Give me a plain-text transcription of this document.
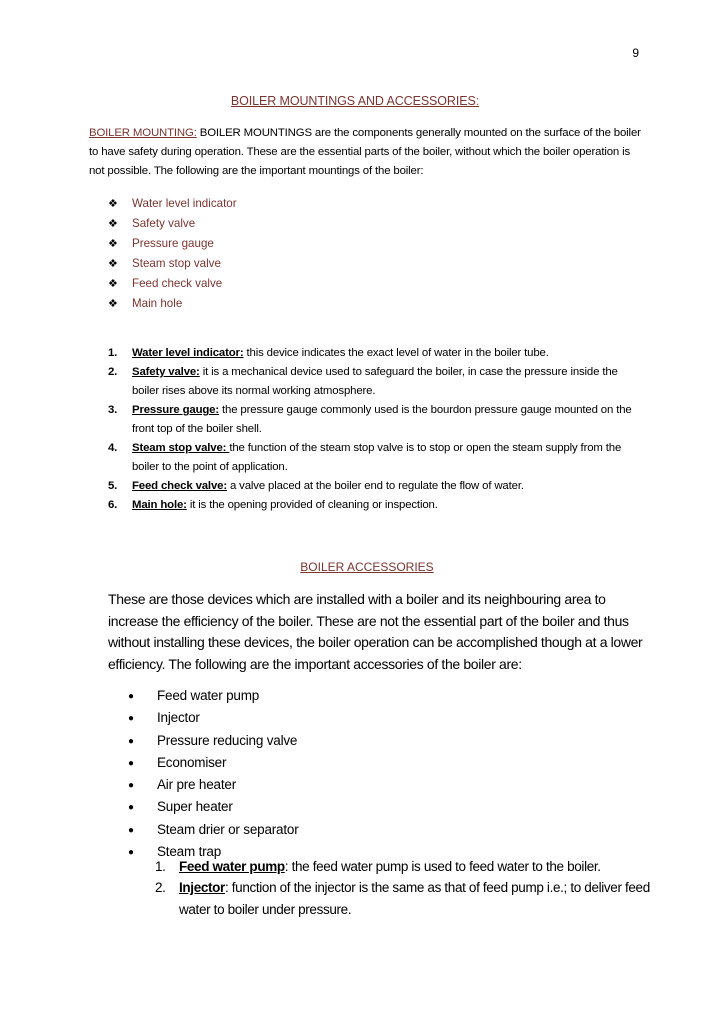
9
BOILER MOUNTINGS AND ACCESSORIES:
BOILER MOUNTING: BOILER MOUNTINGS are the components generally mounted on the surface of the boiler to have safety during operation. These are the essential parts of the boiler, without which the boiler operation is not possible. The following are the important mountings of the boiler:
❖ Water level indicator
❖ Safety valve
❖ Pressure gauge
❖ Steam stop valve
❖ Feed check valve
❖ Main hole
1. Water level indicator: this device indicates the exact level of water in the boiler tube.
2. Safety valve: it is a mechanical device used to safeguard the boiler, in case the pressure inside the boiler rises above its normal working atmosphere.
3. Pressure gauge: the pressure gauge commonly used is the bourdon pressure gauge mounted on the front top of the boiler shell.
4. Steam stop valve: the function of the steam stop valve is to stop or open the steam supply from the boiler to the point of application.
5. Feed check valve: a valve placed at the boiler end to regulate the flow of water.
6. Main hole: it is the opening provided of cleaning or inspection.
BOILER ACCESSORIES
These are those devices which are installed with a boiler and its neighbouring area to increase the efficiency of the boiler. These are not the essential part of the boiler and thus without installing these devices, the boiler operation can be accomplished though at a lower efficiency. The following are the important accessories of the boiler are:
● Feed water pump
● Injector
● Pressure reducing valve
● Economiser
● Air pre heater
● Super heater
● Steam drier or separator
● Steam trap
1. Feed water pump: the feed water pump is used to feed water to the boiler.
2. Injector: function of the injector is the same as that of feed pump i.e.; to deliver feed water to boiler under pressure.
